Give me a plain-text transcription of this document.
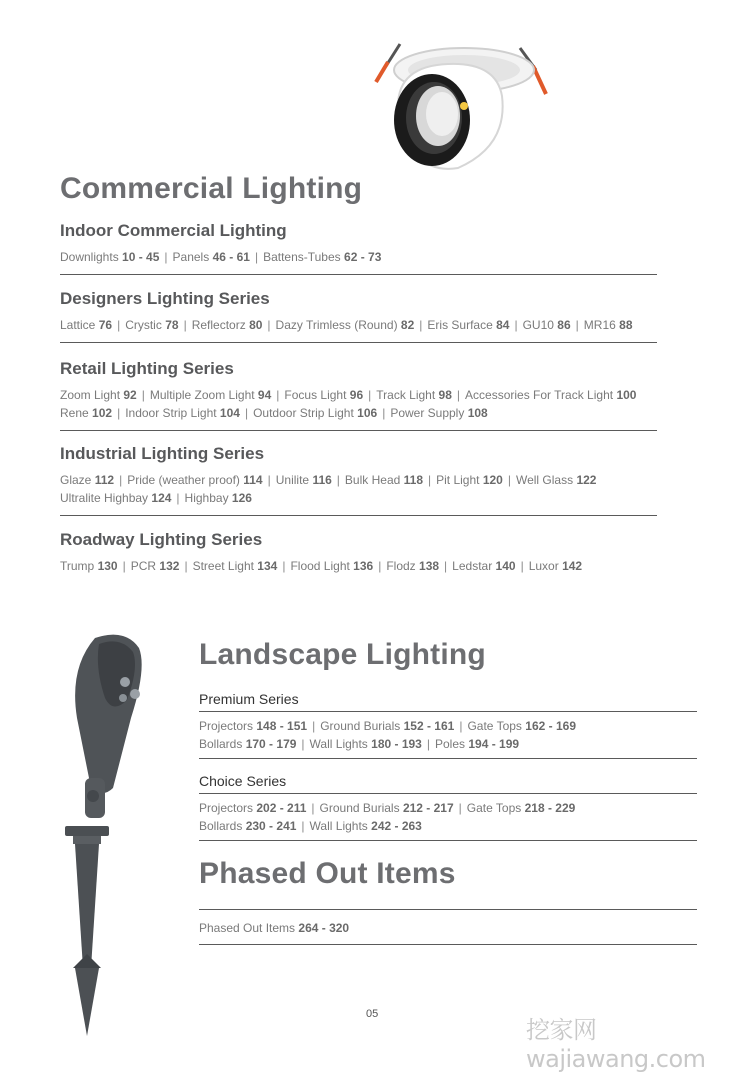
Commercial Lighting
Indoor Commercial Lighting
Downlights 10 - 45 | Panels 46 - 61 | Battens-Tubes 62 - 73
Designers Lighting Series
Lattice 76 | Crystic 78 | Reflectorz 80 | Dazy Trimless (Round) 82 | Eris Surface 84 | GU10 86 | MR16 88
Retail Lighting Series
Zoom Light 92 | Multiple Zoom Light 94 | Focus Light 96 | Track Light 98 | Accessories For Track Light 100
Rene 102 | Indoor Strip Light 104 | Outdoor Strip Light 106 | Power Supply 108
Industrial Lighting Series
Glaze 112 | Pride (weather proof) 114 | Unilite 116 | Bulk Head 118 | Pit Light 120 | Well Glass 122
Ultralite Highbay 124 | Highbay 126
Roadway Lighting Series
Trump 130 | PCR 132 | Street Light 134 | Flood Light 136 | Flodz 138 | Ledstar 140 | Luxor 142
Landscape Lighting
Premium Series
Projectors 148 - 151 | Ground Burials 152 - 161 | Gate Tops 162 - 169
Bollards 170 - 179 | Wall Lights 180 - 193 | Poles 194 - 199
Choice Series
Projectors 202 - 211 | Ground Burials 212 - 217 | Gate Tops 218 - 229
Bollards 230 - 241 | Wall Lights 242 - 263
Phased Out Items
Phased Out Items 264 - 320
05
挖家网 wajiawang.com
